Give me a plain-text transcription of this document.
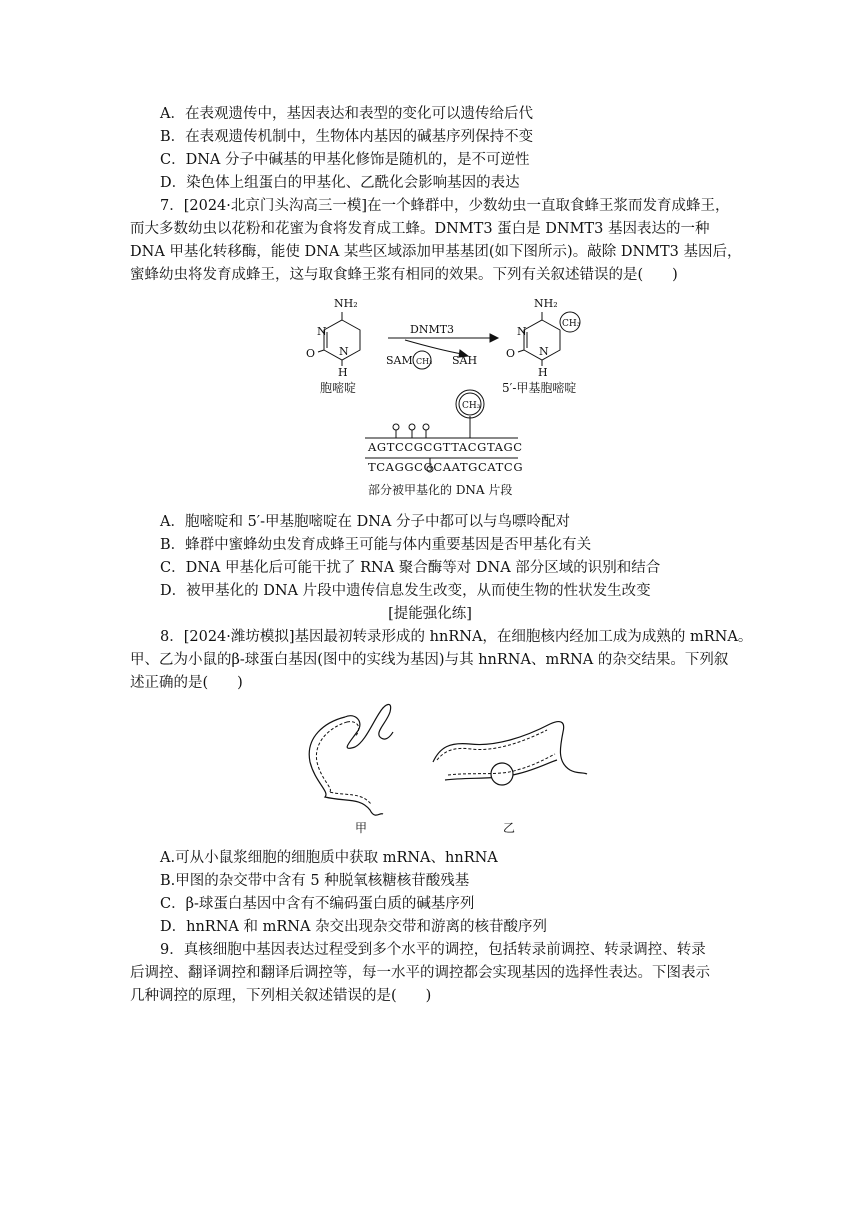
A．在表观遗传中，基因表达和表型的变化可以遗传给后代
B．在表观遗传机制中，生物体内基因的碱基序列保持不变
C．DNA 分子中碱基的甲基化修饰是随机的，是不可逆性
D．染色体上组蛋白的甲基化、乙酰化会影响基因的表达
7．[2024·北京门头沟高三一模]在一个蜂群中，少数幼虫一直取食蜂王浆而发育成蜂王，
而大多数幼虫以花粉和花蜜为食将发育成工蜂。DNMT3 蛋白是 DNMT3 基因表达的一种
DNA 甲基化转移酶，能使 DNA 某些区域添加甲基基团(如下图所示)。敲除 DNMT3 基因后，
蜜蜂幼虫将发育成蜂王，这与取食蜂王浆有相同的效果。下列有关叙述错误的是(　　)
NH₂
N
N
O
H
DNMT3
SAM CH₃ SAH
NH₂
N
N
O
H
CH₃
CH₃
胞嘧啶	5′-甲基胞嘧啶
AGTCCGCGTTACGTAGC
TCAGGCGCAATGCATCG
部分被甲基化的 DNA 片段
A．胞嘧啶和 5′-甲基胞嘧啶在 DNA 分子中都可以与鸟嘌呤配对
B．蜂群中蜜蜂幼虫发育成蜂王可能与体内重要基因是否甲基化有关
C．DNA 甲基化后可能干扰了 RNA 聚合酶等对 DNA 部分区域的识别和结合
D．被甲基化的 DNA 片段中遗传信息发生改变，从而使生物的性状发生改变
[提能强化练]
8．[2024·潍坊模拟]基因最初转录形成的 hnRNA，在细胞核内经加工成为成熟的 mRNA。
甲、乙为小鼠的β-球蛋白基因(图中的实线为基因)与其 hnRNA、mRNA 的杂交结果。下列叙
述正确的是(　　)
甲	乙
A.可从小鼠浆细胞的细胞质中获取 mRNA、hnRNA
B.甲图的杂交带中含有 5 种脱氧核糖核苷酸残基
C．β-球蛋白基因中含有不编码蛋白质的碱基序列
D．hnRNA 和 mRNA 杂交出现杂交带和游离的核苷酸序列
9．真核细胞中基因表达过程受到多个水平的调控，包括转录前调控、转录调控、转录
后调控、翻译调控和翻译后调控等，每一水平的调控都会实现基因的选择性表达。下图表示
几种调控的原理，下列相关叙述错误的是(　　)
